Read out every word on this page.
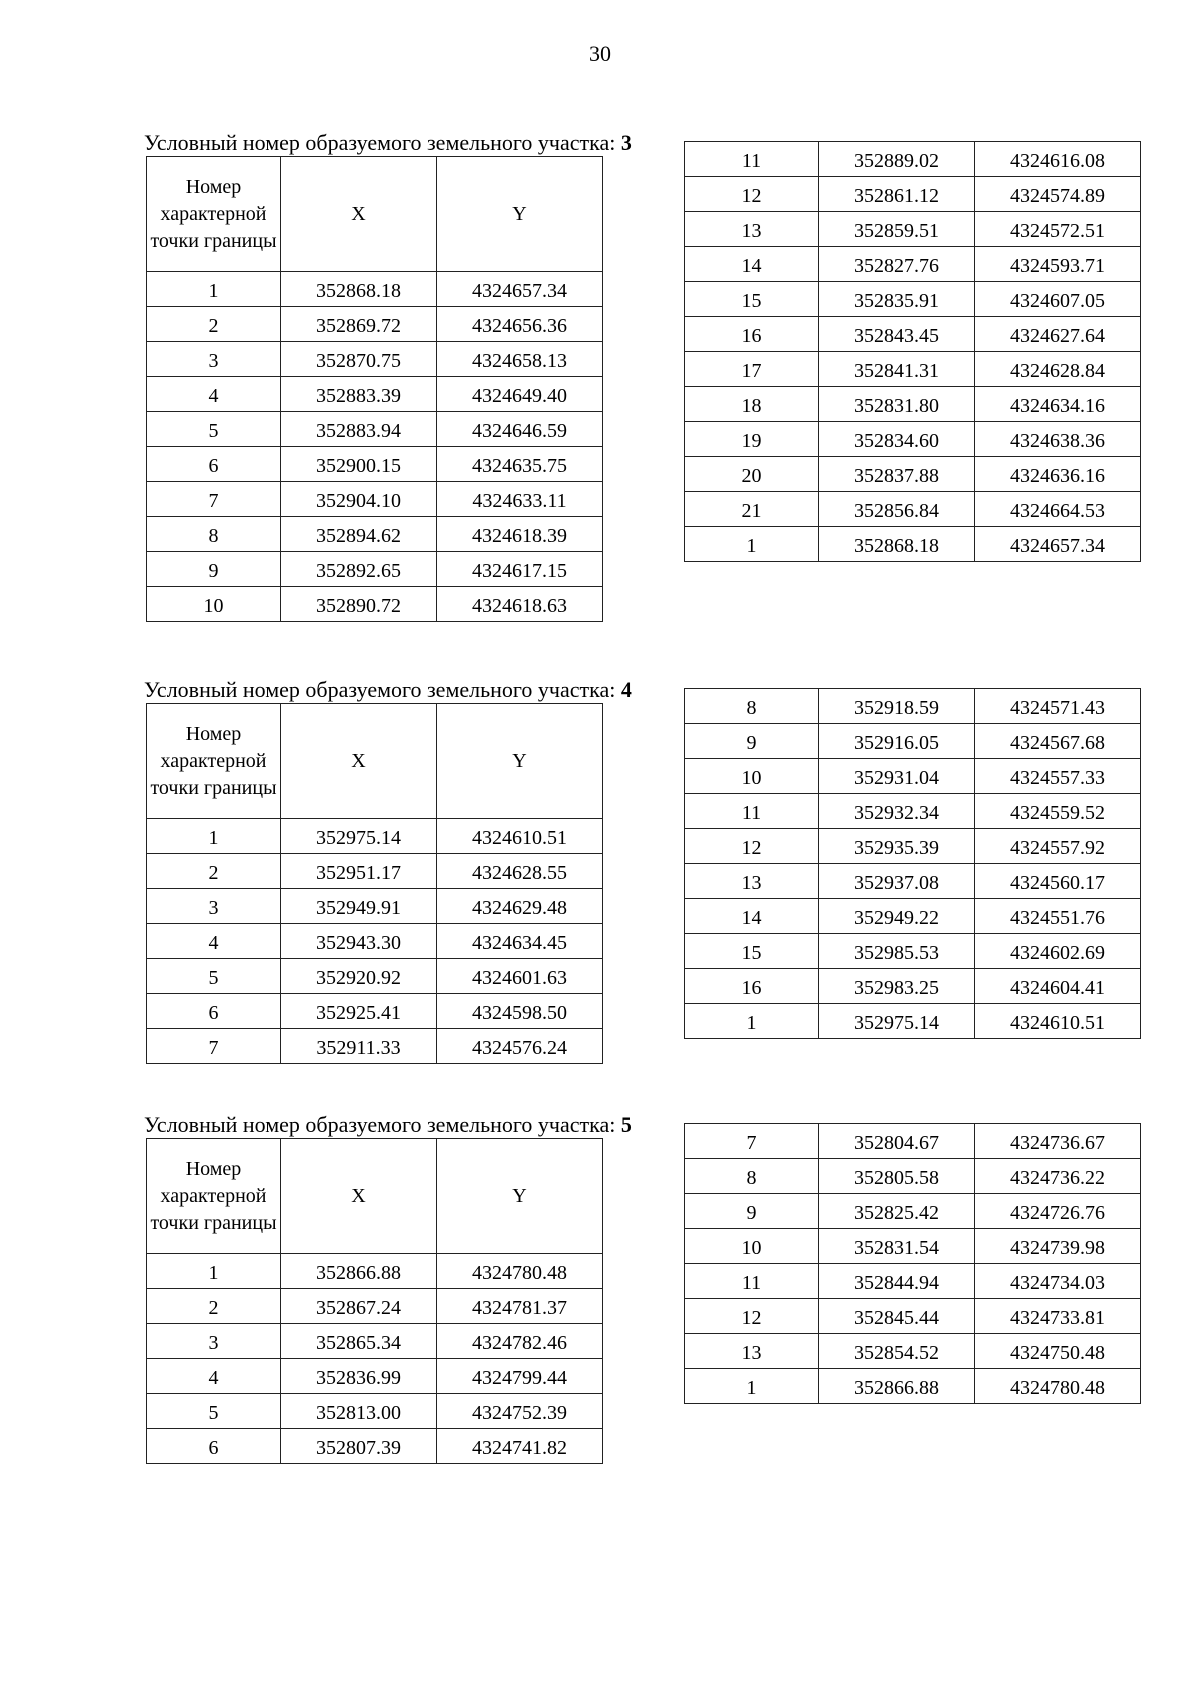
30
Условный номер образуемого земельного участка: 3
Номер характерной точки границы	X	Y
1	352868.18	4324657.34
2	352869.72	4324656.36
3	352870.75	4324658.13
4	352883.39	4324649.40
5	352883.94	4324646.59
6	352900.15	4324635.75
7	352904.10	4324633.11
8	352894.62	4324618.39
9	352892.65	4324617.15
10	352890.72	4324618.63
11	352889.02	4324616.08
12	352861.12	4324574.89
13	352859.51	4324572.51
14	352827.76	4324593.71
15	352835.91	4324607.05
16	352843.45	4324627.64
17	352841.31	4324628.84
18	352831.80	4324634.16
19	352834.60	4324638.36
20	352837.88	4324636.16
21	352856.84	4324664.53
1	352868.18	4324657.34
Условный номер образуемого земельного участка: 4
Номер характерной точки границы	X	Y
1	352975.14	4324610.51
2	352951.17	4324628.55
3	352949.91	4324629.48
4	352943.30	4324634.45
5	352920.92	4324601.63
6	352925.41	4324598.50
7	352911.33	4324576.24
8	352918.59	4324571.43
9	352916.05	4324567.68
10	352931.04	4324557.33
11	352932.34	4324559.52
12	352935.39	4324557.92
13	352937.08	4324560.17
14	352949.22	4324551.76
15	352985.53	4324602.69
16	352983.25	4324604.41
1	352975.14	4324610.51
Условный номер образуемого земельного участка: 5
Номер характерной точки границы	X	Y
1	352866.88	4324780.48
2	352867.24	4324781.37
3	352865.34	4324782.46
4	352836.99	4324799.44
5	352813.00	4324752.39
6	352807.39	4324741.82
7	352804.67	4324736.67
8	352805.58	4324736.22
9	352825.42	4324726.76
10	352831.54	4324739.98
11	352844.94	4324734.03
12	352845.44	4324733.81
13	352854.52	4324750.48
1	352866.88	4324780.48
